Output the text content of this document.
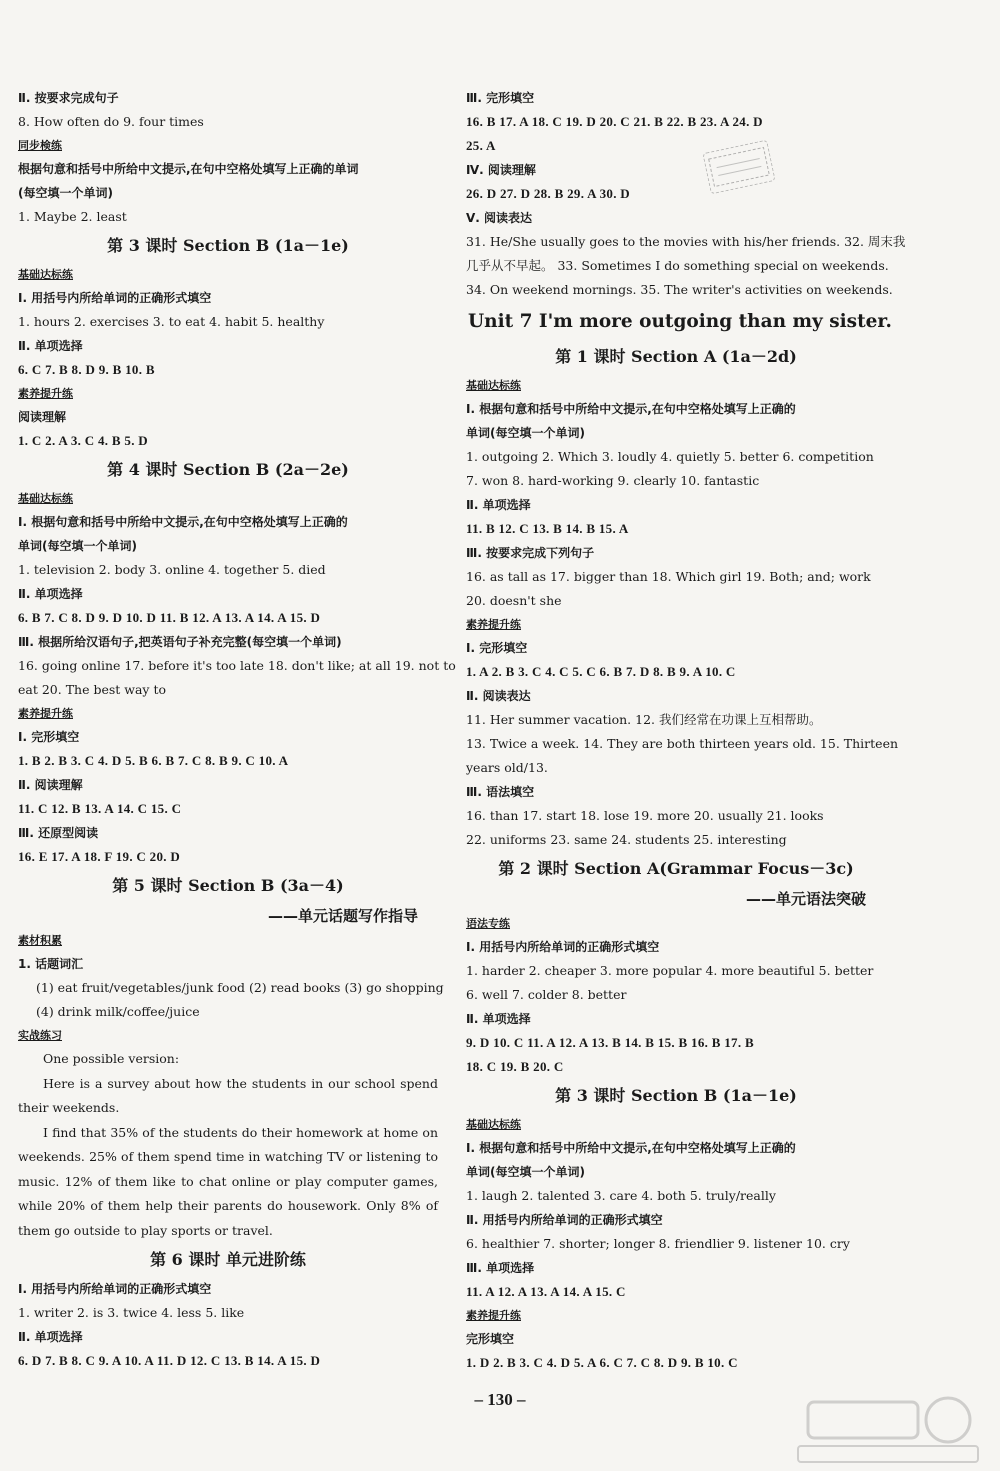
Ⅱ. 按要求完成句子
8. How often do 9. four times
同步検练
根据句意和括号中所给中文提示,在句中空格处填写上正确的单词
(每空填一个单词)
1. Maybe 2. least
第 3 课时 Section B (1a－1e)
基础达标练
Ⅰ. 用括号内所给单词的正确形式填空
1. hours 2. exercises 3. to eat 4. habit 5. healthy
Ⅱ. 单项选择
6. C 7. B 8. D 9. B 10. B
素养提升练
阅读理解
1. C 2. A 3. C 4. B 5. D
第 4 课时 Section B (2a－2e)
基础达标练
Ⅰ. 根据句意和括号中所给中文提示,在句中空格处填写上正确的
单词(每空填一个单词)
1. television 2. body 3. online 4. together 5. died
Ⅱ. 单项选择
6. B 7. C 8. D 9. D 10. D 11. B 12. A 13. A 14. A 15. D
Ⅲ. 根据所给汉语句子,把英语句子补充完整(每空填一个单词)
16. going online 17. before it's too late 18. don't like; at all 19. not to
eat 20. The best way to
素养提升练
Ⅰ. 完形填空
1. B 2. B 3. C 4. D 5. B 6. B 7. C 8. B 9. C 10. A
Ⅱ. 阅读理解
11. C 12. B 13. A 14. C 15. C
Ⅲ. 还原型阅读
16. E 17. A 18. F 19. C 20. D
第 5 课时 Section B (3a－4)
——单元话题写作指导
素材积累
1. 话题词汇
(1) eat fruit/vegetables/junk food (2) read books (3) go shopping
(4) drink milk/coffee/juice
实战练习
One possible version:
Here is a survey about how the students in our school spend their weekends.
I find that 35% of the students do their homework at home on weekends. 25% of them spend time in watching TV or listening to music. 12% of them like to chat online or play computer games, while 20% of them help their parents do housework. Only 8% of them go outside to play sports or travel.
第 6 课时 单元进阶练
Ⅰ. 用括号内所给单词的正确形式填空
1. writer 2. is 3. twice 4. less 5. like
Ⅱ. 单项选择
6. D 7. B 8. C 9. A 10. A 11. D 12. C 13. B 14. A 15. D
Ⅲ. 完形填空
16. B 17. A 18. C 19. D 20. C 21. B 22. B 23. A 24. D
25. A
Ⅳ. 阅读理解
26. D 27. D 28. B 29. A 30. D
Ⅴ. 阅读表达
31. He/She usually goes to the movies with his/her friends. 32. 周末我
几乎从不早起。 33. Sometimes I do something special on weekends.
34. On weekend mornings. 35. The writer's activities on weekends.
Unit 7 I'm more outgoing than my sister.
第 1 课时 Section A (1a－2d)
基础达标练
Ⅰ. 根据句意和括号中所给中文提示,在句中空格处填写上正确的
单词(每空填一个单词)
1. outgoing 2. Which 3. loudly 4. quietly 5. better 6. competition
7. won 8. hard-working 9. clearly 10. fantastic
Ⅱ. 单项选择
11. B 12. C 13. B 14. B 15. A
Ⅲ. 按要求完成下列句子
16. as tall as 17. bigger than 18. Which girl 19. Both; and; work
20. doesn't she
素养提升练
Ⅰ. 完形填空
1. A 2. B 3. C 4. C 5. C 6. B 7. D 8. B 9. A 10. C
Ⅱ. 阅读表达
11. Her summer vacation. 12. 我们经常在功课上互相帮助。
13. Twice a week. 14. They are both thirteen years old. 15. Thirteen
years old/13.
Ⅲ. 语法填空
16. than 17. start 18. lose 19. more 20. usually 21. looks
22. uniforms 23. same 24. students 25. interesting
第 2 课时 Section A(Grammar Focus－3c)
——单元语法突破
语法专练
Ⅰ. 用括号内所给单词的正确形式填空
1. harder 2. cheaper 3. more popular 4. more beautiful 5. better
6. well 7. colder 8. better
Ⅱ. 单项选择
9. D 10. C 11. A 12. A 13. B 14. B 15. B 16. B 17. B
18. C 19. B 20. C
第 3 课时 Section B (1a－1e)
基础达标练
Ⅰ. 根据句意和括号中所给中文提示,在句中空格处填写上正确的
单词(每空填一个单词)
1. laugh 2. talented 3. care 4. both 5. truly/really
Ⅱ. 用括号内所给单词的正确形式填空
6. healthier 7. shorter; longer 8. friendlier 9. listener 10. cry
Ⅲ. 单项选择
11. A 12. A 13. A 14. A 15. C
素养提升练
完形填空
1. D 2. B 3. C 4. D 5. A 6. C 7. C 8. D 9. B 10. C
– 130 –
